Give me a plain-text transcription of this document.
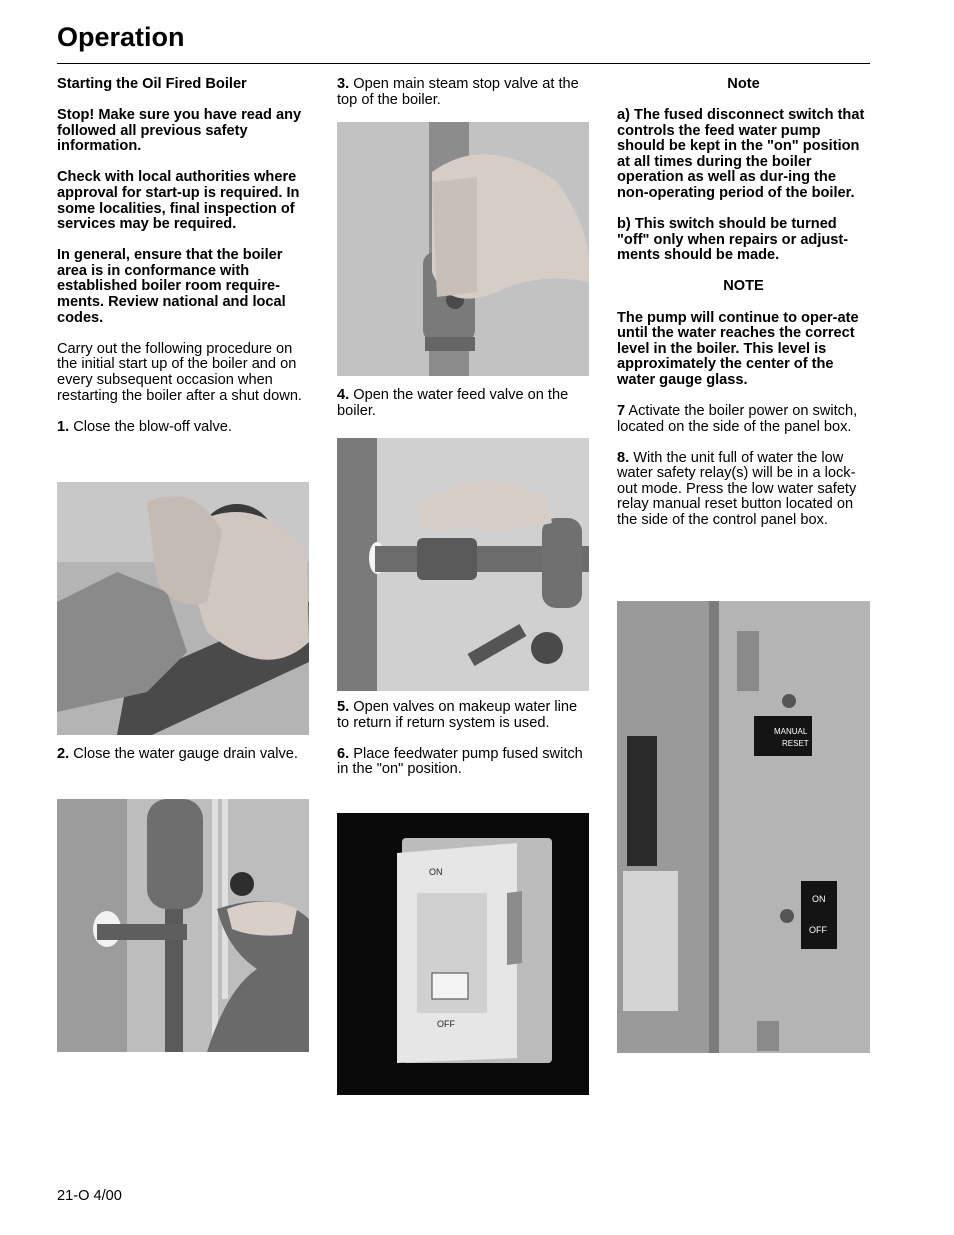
Operation

Starting the Oil Fired Boiler

Stop! Make sure you have read any followed all previous safety information.

Check with local authorities where approval for start-up is required. In some localities, final inspection of services may be required.

In general, ensure that the boiler area is in conformance with established boiler room require-ments. Review national and local codes.

Carry out the following procedure on the initial start up of the boiler and on every subsequent occasion when restarting the boiler after a shut down.

1. Close the blow-off valve.

2. Close the water gauge drain valve.

3. Open main steam stop valve at the top of the boiler.

4. Open the water feed valve on the boiler.

5. Open valves on makeup water line to return if return system is used.

6. Place feedwater pump fused switch in the "on" position.

ON
OFF

Note

a) The fused disconnect switch that controls the feed water pump should be kept in the "on" position at all times during the boiler operation as well as dur-ing the non-operating period of the boiler.

b) This switch should be turned "off" only when repairs or adjust-ments should be made.

NOTE

The pump will continue to oper-ate until the water reaches the correct level in the boiler. This level is approximately the center of the water gauge glass.

7 Activate the boiler power on switch, located on the side of the panel box.

8. With the unit full of water the low water safety relay(s) will be in a lock-out mode. Press the low water safety relay manual reset button located on the side of the control panel box.

MANUAL
RESET
ON
OFF
21-O 4/00
